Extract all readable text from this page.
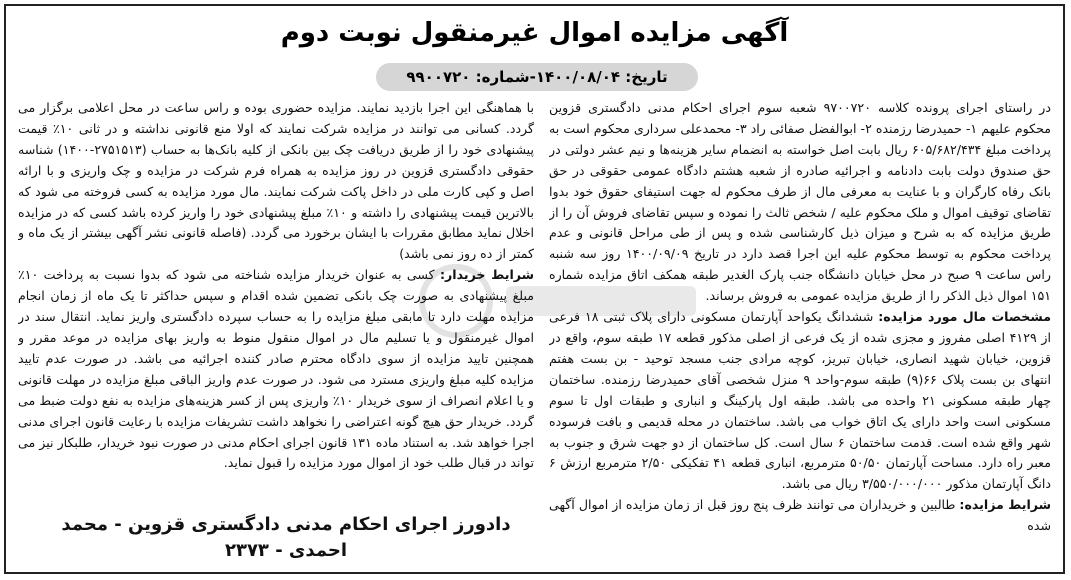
آگهی مزایده اموال غیرمنقول نوبت دوم
تاریخ: ۱۴۰۰/۰۸/۰۴-شماره: ۹۹۰۰۷۲۰

در راستای اجرای پرونده کلاسه ۹۷۰۰۷۲۰ شعبه سوم اجرای احکام مدنی دادگستری قزوین محکوم علیهم ۱- حمیدرضا رزمنده ۲- ابوالفضل صفائی راد ۳- محمدعلی سرداری محکوم است به پرداخت مبلغ ۶۰۵/۶۸۲/۴۳۴ ریال بابت اصل خواسته به انضمام سایر هزینه‌ها و نیم عشر دولتی در حق صندوق دولت بابت دادنامه و اجرائیه صادره از شعبه هشتم دادگاه عمومی حقوقی در حق بانک رفاه کارگران و با عنایت به معرفی مال از طرف محکوم له جهت استیفای حقوق خود بدوا تقاضای توقیف اموال و ملک محکوم علیه / شخص ثالث را نموده و سپس تقاضای فروش آن را از طریق مزایده که به شرح و میزان ذیل کارشناسی شده و پس از طی مراحل قانونی و عدم پرداخت محکوم به توسط محکوم علیه این اجرا قصد دارد در تاریخ ۱۴۰۰/۰۹/۰۹ روز سه شنبه راس ساعت ۹ صبح در محل خیابان دانشگاه جنب پارک الغدیر طبقه همکف اتاق مزایده شماره ۱۵۱ اموال ذیل الذکر را از طریق مزایده عمومی به فروش برساند.

مشخصات مال مورد مزایده: ششدانگ یکواحد آپارتمان مسکونی دارای پلاک ثبتی ۱۸ فرعی از ۴۱۲۹ اصلی مفروز و مجزی شده از یک فرعی از اصلی مذکور قطعه ۱۷ طبقه سوم، واقع در قزوین، خیابان شهید انصاری، خیابان تبریز، کوچه مرادی جنب مسجد توحید - بن بست هفتم انتهای بن بست پلاک ۶۶(۹) طبقه سوم-واحد ۹ منزل شخصی آقای حمیدرضا رزمنده. ساختمان چهار طبقه مسکونی ۲۱ واحده می باشد. طبقه اول پارکینگ و انباری و طبقات اول تا سوم مسکونی است واحد دارای یک اتاق خواب می باشد. ساختمان در محله قدیمی و بافت فرسوده شهر واقع شده است. قدمت ساختمان ۶ سال است. کل ساختمان از دو جهت شرق و جنوب به معبر راه دارد. مساحت آپارتمان ۵۰/۵۰ مترمربع، انباری قطعه ۴۱ تفکیکی ۲/۵۰ مترمربع ارزش ۶ دانگ آپارتمان مذکور ۳/۵۵۰/۰۰۰/۰۰۰ ریال می باشد.

شرایط مزایده: طالبین و خریداران می توانند ظرف پنج روز قبل از زمان مزایده از اموال آگهی شده

با هماهنگی این اجرا بازدید نمایند. مزایده حضوری بوده و راس ساعت در محل اعلامی برگزار می گردد. کسانی می توانند در مزایده شرکت نمایند که اولا منع قانونی نداشته و در ثانی ۱۰٪ قیمت پیشنهادی خود را از طریق دریافت چک بین بانکی از کلیه بانک‌ها به حساب (۲۷۵۱۵۱۳-۱۴۰۰) شناسه حقوقی دادگستری قزوین در روز مزایده به همراه فرم شرکت در مزایده و چک واریزی و با ارائه اصل و کپی کارت ملی در داخل پاکت شرکت نمایند. مال مورد مزایده به کسی فروخته می شود که بالاترین قیمت پیشنهادی را داشته و ۱۰٪ مبلغ پیشنهادی خود را واریز کرده باشد کسی که در مزایده اخلال نماید مطابق مقررات با ایشان برخورد می گردد. (فاصله قانونی نشر آگهی بیشتر از یک ماه و کمتر از ده روز نمی باشد)

شرایط خریدار: کسی به عنوان خریدار مزایده شناخته می شود که بدوا نسبت به پرداخت ۱۰٪ مبلغ پیشنهادی به صورت چک بانکی تضمین شده اقدام و سپس حداکثر تا یک ماه از زمان انجام مزایده مهلت دارد تا مابقی مبلغ مزایده را به حساب سپرده دادگستری واریز نماید. انتقال سند در اموال غیرمنقول و یا تسلیم مال در اموال منقول منوط به واریز بهای مزایده در موعد مقرر و همچنین تایید مزایده از سوی دادگاه محترم صادر کننده اجرائیه می باشد. در صورت عدم تایید مزایده کلیه مبلغ واریزی مسترد می شود. در صورت عدم واریز الباقی مبلغ مزایده در مهلت قانونی و یا اعلام انصراف از سوی خریدار ۱۰٪ واریزی پس از کسر هزینه‌های مزایده به نفع دولت ضبط می گردد. خریدار حق هیچ گونه اعتراضی را نخواهد داشت تشریفات مزایده با رعایت قانون اجرای مدنی اجرا خواهد شد. به استناد ماده ۱۳۱ قانون اجرای احکام مدنی در صورت نبود خریدار، طلبکار نیز می تواند در قبال طلب خود از اموال مورد مزایده را قبول نماید.

دادورز اجرای احکام مدنی دادگستری قزوین - محمد احمدی - ۲۳۷۳
